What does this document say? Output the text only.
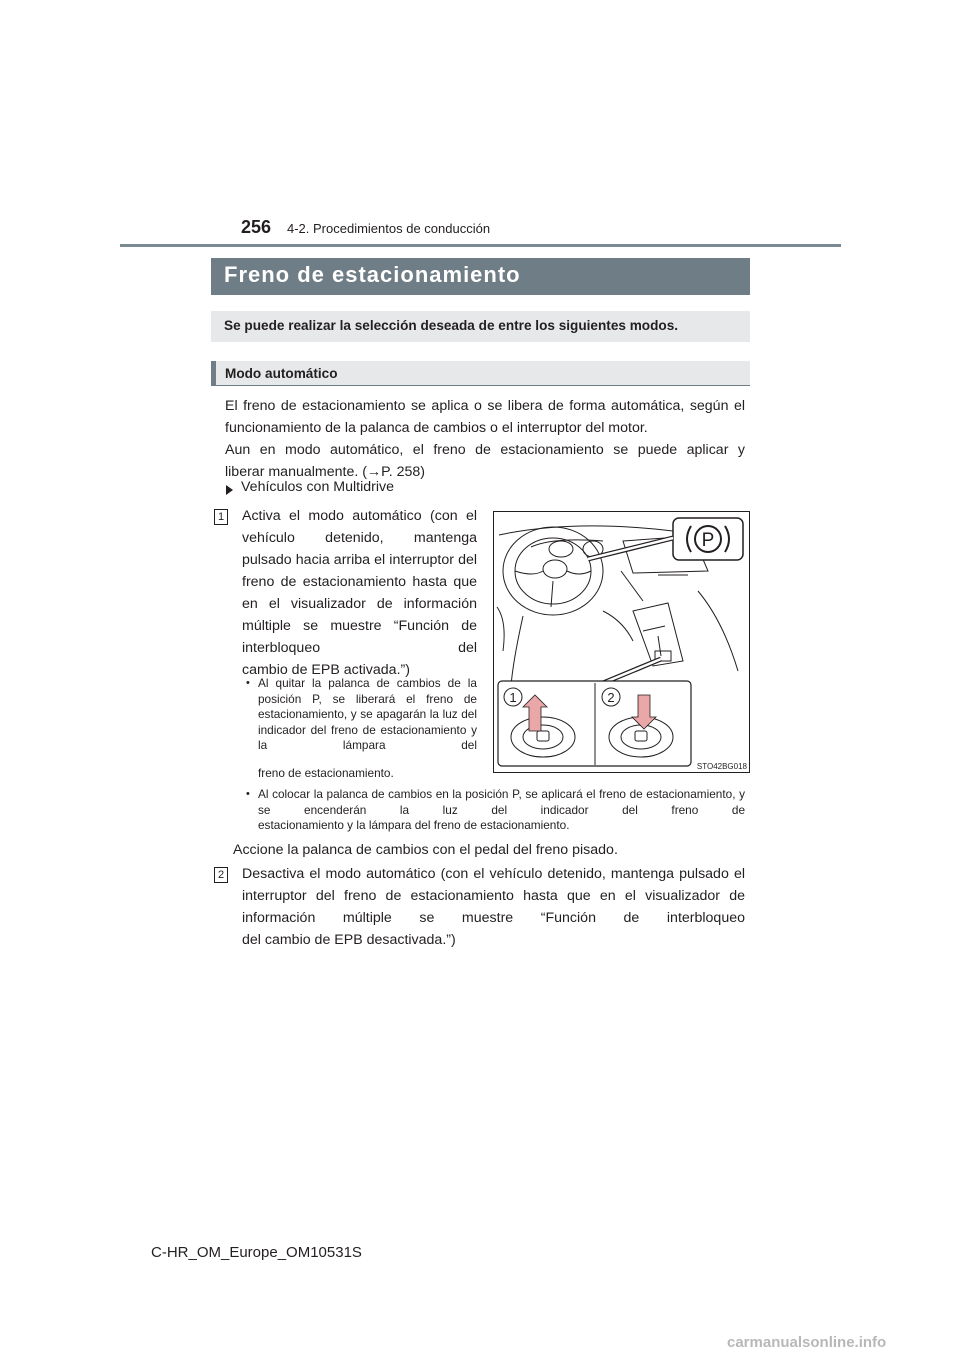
256 4-2. Procedimientos de conducción
Freno de estacionamiento
Se puede realizar la selección deseada de entre los siguientes modos.
Modo automático
El freno de estacionamiento se aplica o se libera de forma automática, según el funcionamiento de la palanca de cambios o el interruptor del motor.
Aun en modo automático, el freno de estacionamiento se puede aplicar y
liberar manualmente. (→P. 258)
Vehículos con Multidrive
1 Activa el modo automático (con el vehículo detenido, mantenga pulsado hacia arriba el interruptor del freno de estacionamiento hasta que en el visualizador de información múltiple se muestre “Función de interbloqueo del
cambio de EPB activada.”)
• Al quitar la palanca de cambios de la posición P, se liberará el freno de estacionamiento, y se apagarán la luz del indicador del freno de estacionamiento y la lámpara del
freno de estacionamiento.
• Al colocar la palanca de cambios en la posición P, se aplicará el freno de estacionamiento, y se encenderán la luz del indicador del freno de
estacionamiento y la lámpara del freno de estacionamiento.
Accione la palanca de cambios con el pedal del freno pisado.
2 Desactiva el modo automático (con el vehículo detenido, mantenga pulsado el interruptor del freno de estacionamiento hasta que en el visualizador de información múltiple se muestre “Función de interbloqueo
del cambio de EPB desactivada.”)
P
1	2
STO42BG018
C-HR_OM_Europe_OM10531S
carmanualsonline.info
